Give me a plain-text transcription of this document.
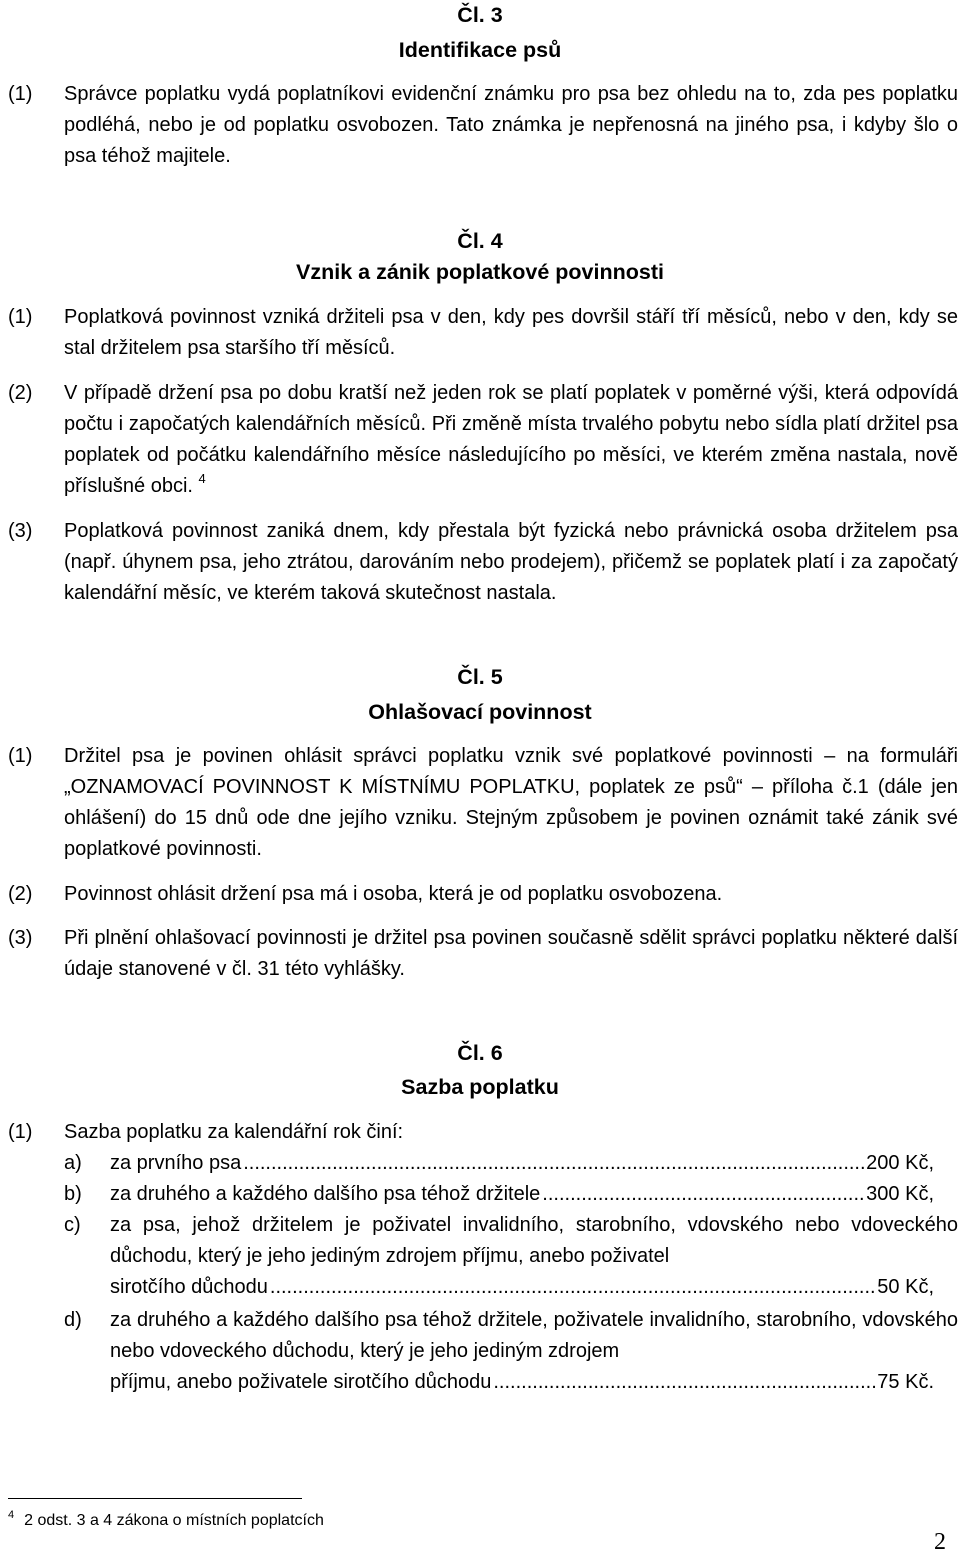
Čl. 3
Identifikace psů
(1) Správce poplatku vydá poplatníkovi evidenční známku pro psa bez ohledu na to, zda pes poplatku podléhá, nebo je od poplatku osvobozen. Tato známka je nepřenosná na jiného psa, i kdyby šlo o psa téhož majitele.
Čl. 4
Vznik a zánik poplatkové povinnosti
(1) Poplatková povinnost vzniká držiteli psa v den, kdy pes dovršil stáří tří měsíců, nebo v den, kdy se stal držitelem psa staršího tří měsíců.
(2) V případě držení psa po dobu kratší než jeden rok se platí poplatek v poměrné výši, která odpovídá počtu i započatých kalendářních měsíců. Při změně místa trvalého pobytu nebo sídla platí držitel psa poplatek od počátku kalendářního měsíce následujícího po měsíci, ve kterém změna nastala, nově příslušné obci. $^4$
(3) Poplatková povinnost zaniká dnem, kdy přestala být fyzická nebo právnická osoba držitelem psa (např. úhynem psa, jeho ztrátou, darováním nebo prodejem), přičemž se poplatek platí i za započatý kalendářní měsíc, ve kterém taková skutečnost nastala.
Čl. 5
Ohlašovací povinnost
(1) Držitel psa je povinen ohlásit správci poplatku vznik své poplatkové povinnosti – na formuláři „OZNAMOVACÍ POVINNOST K MÍSTNÍMU POPLATKU, poplatek ze psů“ – příloha č.1 (dále jen ohlášení) do 15 dnů ode dne jejího vzniku. Stejným způsobem je povinen oznámit také zánik své poplatkové povinnosti.
(2) Povinnost ohlásit držení psa má i osoba, která je od poplatku osvobozena.
(3) Při plnění ohlašovací povinnosti je držitel psa povinen současně sdělit správci poplatku některé další údaje stanovené v čl. 31 této vyhlášky.
Čl. 6
Sazba poplatku
(1) Sazba poplatku za kalendářní rok činí:
a) za prvního psa .....	200 Kč,
b) za druhého a každého dalšího psa téhož držitele .....	300 Kč,
c) za psa, jehož držitelem je poživatel invalidního, starobního, vdovského nebo vdoveckého důchodu, který je jeho jediným zdrojem příjmu, anebo poživatel
sirotčího důchodu .....	50 Kč,
d) za druhého a každého dalšího psa téhož držitele, poživatele invalidního, starobního, vdovského nebo vdoveckého důchodu, který je jeho jediným zdrojem
příjmu, anebo poživatele sirotčího důchodu .....	75 Kč.
$^4$ 2 odst. 3 a 4 zákona o místních poplatcích
2
